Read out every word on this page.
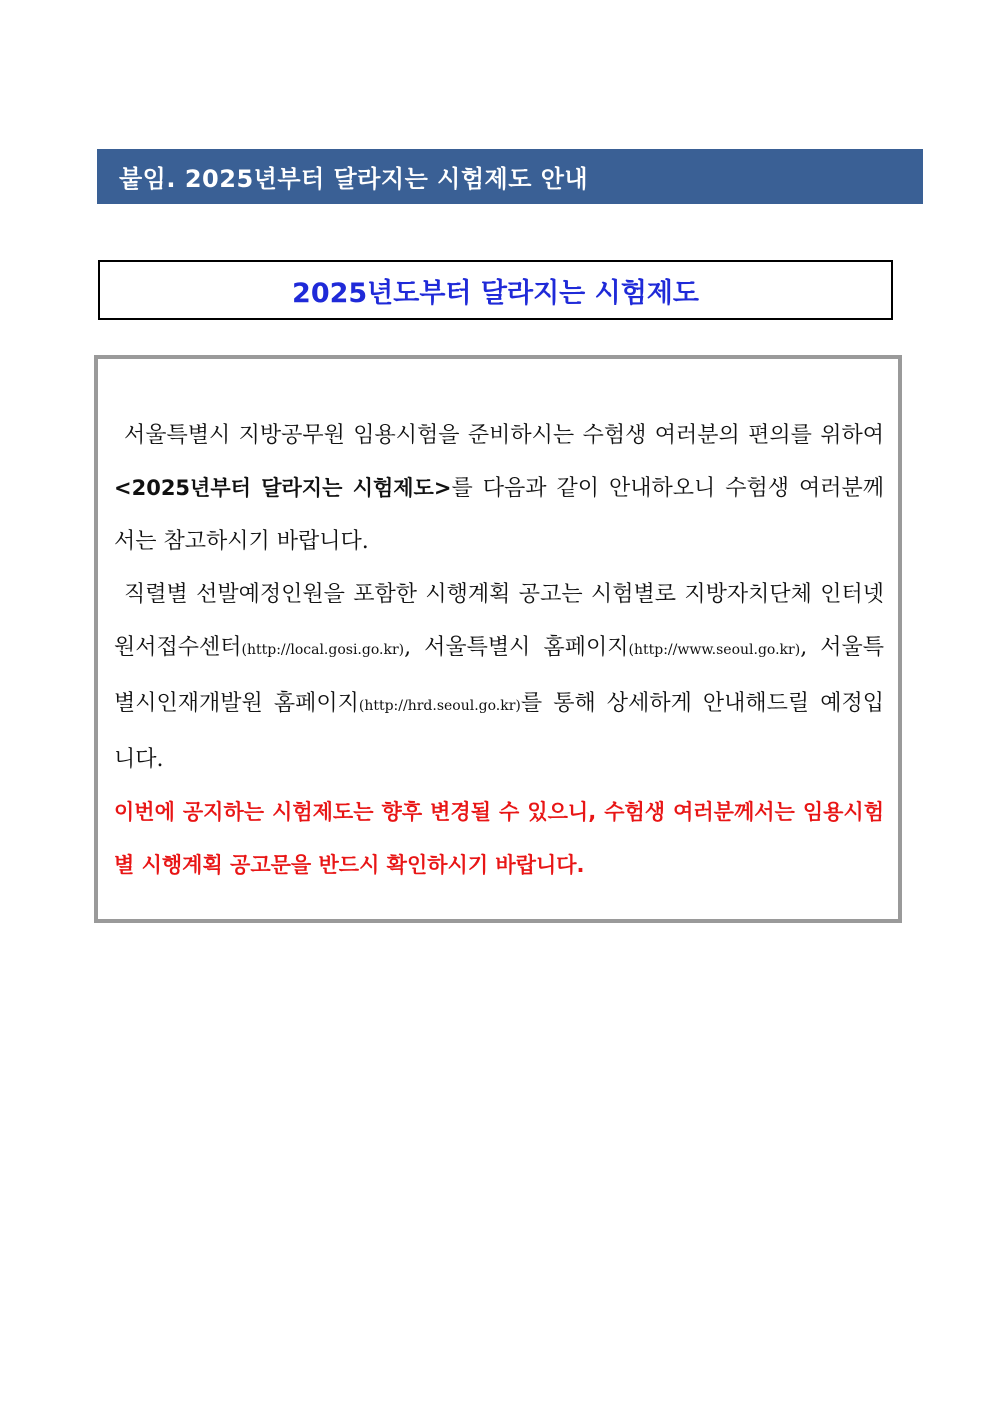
붙임. 2025년부터 달라지는 시험제도 안내
2025년도부터 달라지는 시험제도

서울특별시 지방공무원 임용시험을 준비하시는 수험생 여러분의 편의를 위하여 <2025년부터 달라지는 시험제도>를 다음과 같이 안내하오니 수험생 여러분께서는 참고하시기 바랍니다.

직렬별 선발예정인원을 포함한 시행계획 공고는 시험별로 지방자치단체 인터넷원서접수센터(http://local.gosi.go.kr), 서울특별시 홈페이지(http://www.seoul.go.kr), 서울특별시인재개발원 홈페이지(http://hrd.seoul.go.kr)를 통해 상세하게 안내해드릴 예정입니다.

이번에 공지하는 시험제도는 향후 변경될 수 있으니, 수험생 여러분께서는 임용시험별 시행계획 공고문을 반드시 확인하시기 바랍니다.
